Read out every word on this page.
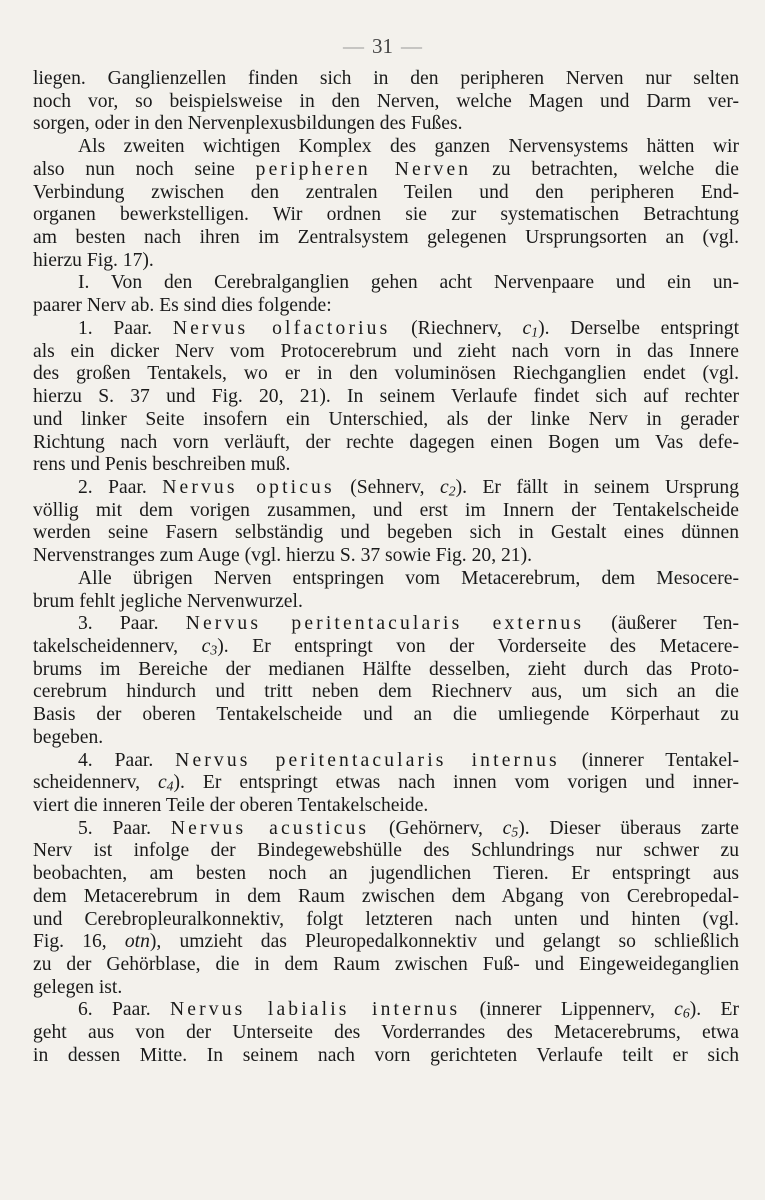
— 31 —
liegen. Ganglienzellen finden sich in den peripheren Nerven nur selten
noch vor, so beispielsweise in den Nerven, welche Magen und Darm ver-
sorgen, oder in den Nervenplexusbildungen des Fußes.
Als zweiten wichtigen Komplex des ganzen Nervensystems hätten wir
also nun noch seine peripheren Nerven zu betrachten, welche die
Verbindung zwischen den zentralen Teilen und den peripheren End-
organen bewerkstelligen. Wir ordnen sie zur systematischen Betrachtung
am besten nach ihren im Zentralsystem gelegenen Ursprungsorten an (vgl.
hierzu Fig. 17).
I. Von den Cerebralganglien gehen acht Nervenpaare und ein un-
paarer Nerv ab. Es sind dies folgende:
1. Paar. Nervus olfactorius (Riechnerv, $c_1$). Derselbe entspringt
als ein dicker Nerv vom Protocerebrum und zieht nach vorn in das Innere
des großen Tentakels, wo er in den voluminösen Riechganglien endet (vgl.
hierzu S. 37 und Fig. 20, 21). In seinem Verlaufe findet sich auf rechter
und linker Seite insofern ein Unterschied, als der linke Nerv in gerader
Richtung nach vorn verläuft, der rechte dagegen einen Bogen um Vas defe-
rens und Penis beschreiben muß.
2. Paar. Nervus opticus (Sehnerv, $c_2$). Er fällt in seinem Ursprung
völlig mit dem vorigen zusammen, und erst im Innern der Tentakelscheide
werden seine Fasern selbständig und begeben sich in Gestalt eines dünnen
Nervenstranges zum Auge (vgl. hierzu S. 37 sowie Fig. 20, 21).
Alle übrigen Nerven entspringen vom Metacerebrum, dem Mesocere-
brum fehlt jegliche Nervenwurzel.
3. Paar. Nervus peritentacularis externus (äußerer Ten-
takelscheidennerv, $c_3$). Er entspringt von der Vorderseite des Metacere-
brums im Bereiche der medianen Hälfte desselben, zieht durch das Proto-
cerebrum hindurch und tritt neben dem Riechnerv aus, um sich an die
Basis der oberen Tentakelscheide und an die umliegende Körperhaut zu
begeben.
4. Paar. Nervus peritentacularis internus (innerer Tentakel-
scheidennerv, $c_4$). Er entspringt etwas nach innen vom vorigen und inner-
viert die inneren Teile der oberen Tentakelscheide.
5. Paar. Nervus acusticus (Gehörnerv, $c_5$). Dieser überaus zarte
Nerv ist infolge der Bindegewebshülle des Schlundrings nur schwer zu
beobachten, am besten noch an jugendlichen Tieren. Er entspringt aus
dem Metacerebrum in dem Raum zwischen dem Abgang von Cerebropedal-
und Cerebropleuralkonnektiv, folgt letzteren nach unten und hinten (vgl.
Fig. 16, otn), umzieht das Pleuropedalkonnektiv und gelangt so schließlich
zu der Gehörblase, die in dem Raum zwischen Fuß- und Eingeweideganglien
gelegen ist.
6. Paar. Nervus labialis internus (innerer Lippennerv, $c_6$). Er
geht aus von der Unterseite des Vorderrandes des Metacerebrums, etwa
in dessen Mitte. In seinem nach vorn gerichteten Verlaufe teilt er sich
